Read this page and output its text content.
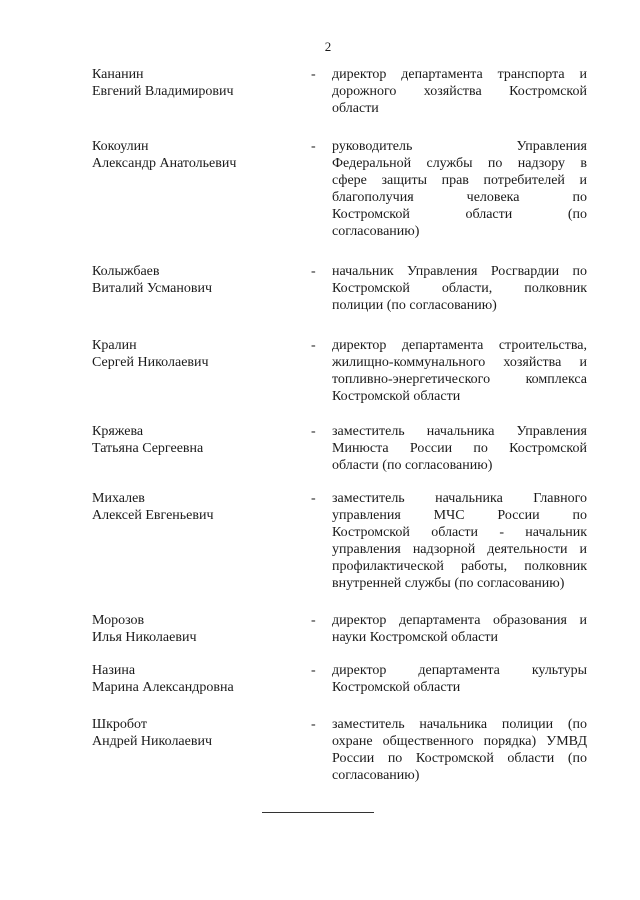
2
Кананин
Евгений Владимирович
- директор департамента транспорта и
дорожного хозяйства Костромской
области
Кокоулин
Александр Анатольевич
- руководитель Управления
Федеральной службы по надзору в
сфере защиты прав потребителей и
благополучия человека по
Костромской области (по
согласованию)
Колыжбаев
Виталий Усманович
- начальник Управления Росгвардии по
Костромской области, полковник
полиции (по согласованию)
Кралин
Сергей Николаевич
- директор департамента строительства,
жилищно-коммунального хозяйства и
топливно-энергетического комплекса
Костромской области
Кряжева
Татьяна Сергеевна
- заместитель начальника Управления
Минюста России по Костромской
области (по согласованию)
Михалев
Алексей Евгеньевич
- заместитель начальника Главного
управления МЧС России по
Костромской области - начальник
управления надзорной деятельности и
профилактической работы, полковник
внутренней службы (по согласованию)
Морозов
Илья Николаевич
- директор департамента образования и
науки Костромской области
Назина
Марина Александровна
- директор департамента культуры
Костромской области
Шкробот
Андрей Николаевич
- заместитель начальника полиции (по
охране общественного порядка) УМВД
России по Костромской области (по
согласованию)
